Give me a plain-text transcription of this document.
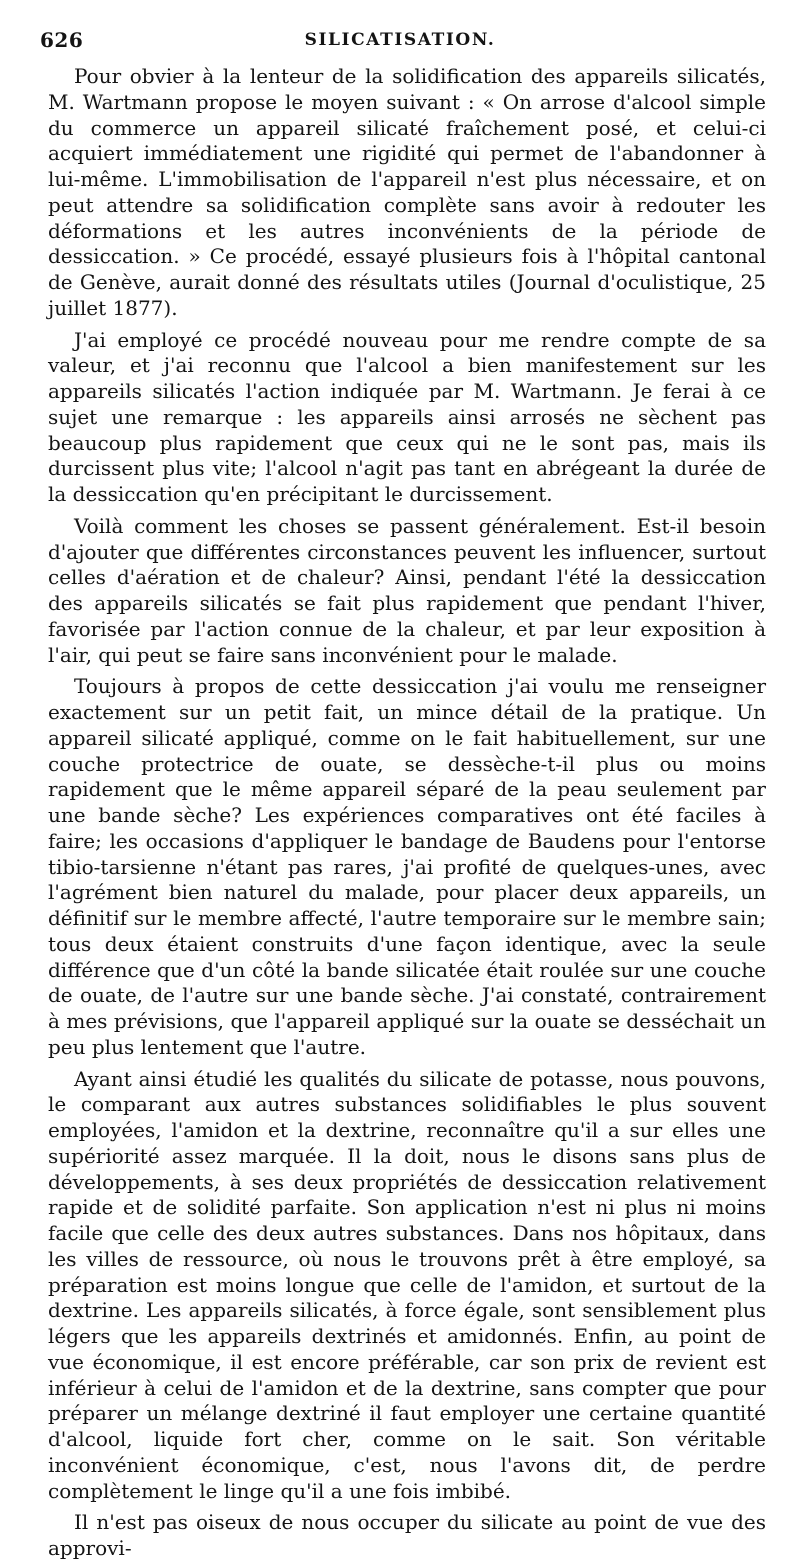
626	SILICATISATION.

Pour obvier à la lenteur de la solidification des appareils silicatés, M. Wartmann propose le moyen suivant : « On arrose d'alcool simple du commerce un appareil silicaté fraîchement posé, et celui-ci acquiert immédiatement une rigidité qui permet de l'abandonner à lui-même. L'immobilisation de l'appareil n'est plus nécessaire, et on peut attendre sa solidification complète sans avoir à redouter les déformations et les autres inconvénients de la période de dessiccation. » Ce procédé, essayé plusieurs fois à l'hôpital cantonal de Genève, aurait donné des résultats utiles (Journal d'oculistique, 25 juillet 1877).

J'ai employé ce procédé nouveau pour me rendre compte de sa valeur, et j'ai reconnu que l'alcool a bien manifestement sur les appareils silicatés l'action indiquée par M. Wartmann. Je ferai à ce sujet une remarque : les appareils ainsi arrosés ne sèchent pas beaucoup plus rapidement que ceux qui ne le sont pas, mais ils durcissent plus vite; l'alcool n'agit pas tant en abrégeant la durée de la dessiccation qu'en précipitant le durcissement.

Voilà comment les choses se passent généralement. Est-il besoin d'ajouter que différentes circonstances peuvent les influencer, surtout celles d'aération et de chaleur? Ainsi, pendant l'été la dessiccation des appareils silicatés se fait plus rapidement que pendant l'hiver, favorisée par l'action connue de la chaleur, et par leur exposition à l'air, qui peut se faire sans inconvénient pour le malade.

Toujours à propos de cette dessiccation j'ai voulu me renseigner exactement sur un petit fait, un mince détail de la pratique. Un appareil silicaté appliqué, comme on le fait habituellement, sur une couche protectrice de ouate, se dessèche-t-il plus ou moins rapidement que le même appareil séparé de la peau seulement par une bande sèche? Les expériences comparatives ont été faciles à faire; les occasions d'appliquer le bandage de Baudens pour l'entorse tibio-tarsienne n'étant pas rares, j'ai profité de quelques-unes, avec l'agrément bien naturel du malade, pour placer deux appareils, un définitif sur le membre affecté, l'autre temporaire sur le membre sain; tous deux étaient construits d'une façon identique, avec la seule différence que d'un côté la bande silicatée était roulée sur une couche de ouate, de l'autre sur une bande sèche. J'ai constaté, contrairement à mes prévisions, que l'appareil appliqué sur la ouate se desséchait un peu plus lentement que l'autre.

Ayant ainsi étudié les qualités du silicate de potasse, nous pouvons, le comparant aux autres substances solidifiables le plus souvent employées, l'amidon et la dextrine, reconnaître qu'il a sur elles une supériorité assez marquée. Il la doit, nous le disons sans plus de développements, à ses deux propriétés de dessiccation relativement rapide et de solidité parfaite. Son application n'est ni plus ni moins facile que celle des deux autres substances. Dans nos hôpitaux, dans les villes de ressource, où nous le trouvons prêt à être employé, sa préparation est moins longue que celle de l'amidon, et surtout de la dextrine. Les appareils silicatés, à force égale, sont sensiblement plus légers que les appareils dextrinés et amidonnés. Enfin, au point de vue économique, il est encore préférable, car son prix de revient est inférieur à celui de l'amidon et de la dextrine, sans compter que pour préparer un mélange dextriné il faut employer une certaine quantité d'alcool, liquide fort cher, comme on le sait. Son véritable inconvénient économique, c'est, nous l'avons dit, de perdre complètement le linge qu'il a une fois imbibé.

Il n'est pas oiseux de nous occuper du silicate au point de vue des approvi-
